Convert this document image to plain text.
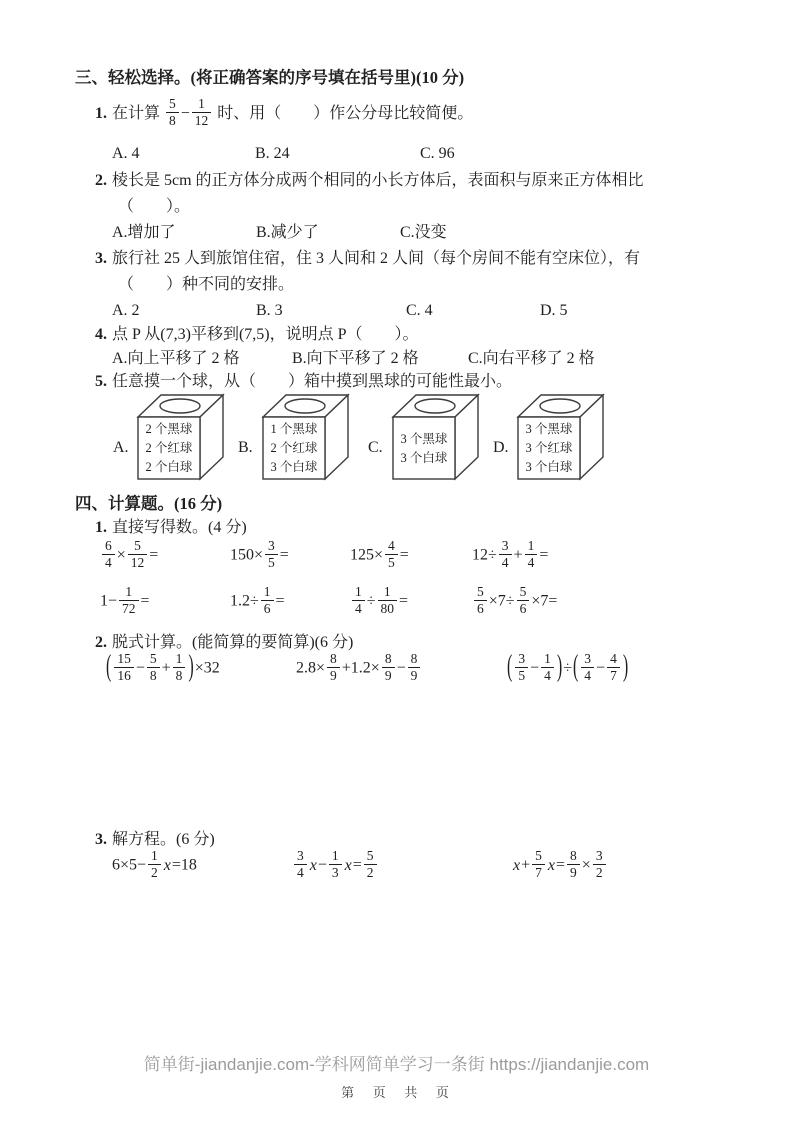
三、轻松选择。(将正确答案的序号填在括号里)(10 分)
1. 在计算 $\frac{5}{8} - \frac{1}{12}$ 时、用（　　）作公分母比较简便。
A. 4	B. 24	C. 96
2. 棱长是 5cm 的正方体分成两个相同的小长方体后，表面积与原来正方体相比
（　　）。
A.增加了	B.减少了	C.没变
3. 旅行社 25 人到旅馆住宿，住 3 人间和 2 人间（每个房间不能有空床位），有
（　　）种不同的安排。
A. 2	B. 3	C. 4	D. 5
4. 点 P 从(7,3)平移到(7,5)，说明点 P（　　）。
A.向上平移了 2 格	B.向下平移了 2 格	C.向右平移了 2 格
5. 任意摸一个球，从（　　）箱中摸到黑球的可能性最小。
A.
2 个黑球
2 个红球
2 个白球
B.
1 个黑球
2 个红球
3 个白球
C.
3 个黑球
3 个白球
D.
3 个黑球
3 个红球
3 个白球
四、计算题。(16 分)
1. 直接写得数。(4 分)
$\frac{6}{4} \times \frac{5}{12}$ =	$150\times \frac{3}{5}$ =	$125\times \frac{4}{5}$ =	$12\div \frac{3}{4} + \frac{1}{4}$ =
$1- \frac{1}{72}$ =	$1.2\div \frac{1}{6}$ =	$\frac{1}{4} \div \frac{1}{80}$ =	$\frac{5}{6} \times 7\div \frac{5}{6} \times 7=$
2. 脱式计算。(能简算的要简算)(6 分)
( $\frac{15}{16} - \frac{5}{8} + \frac{1}{8} )\times 32$	$2.8\times \frac{8}{9} +1.2\times \frac{8}{9} - \frac{8}{9}$	( $\frac{3}{5} - \frac{1}{4}$ )÷( $\frac{3}{4} - \frac{4}{7}$ )
3. 解方程。(6 分)
$6\times 5- \frac{1}{2} x=18$	$\frac{3}{4} x- \frac{1}{3} x= \frac{5}{2}$	$x+ \frac{5}{7} x= \frac{8}{9} \times \frac{3}{2}$
简单街-jiandanjie.com-学科网简单学习一条街 https://jiandanjie.com
第 页 共 页
